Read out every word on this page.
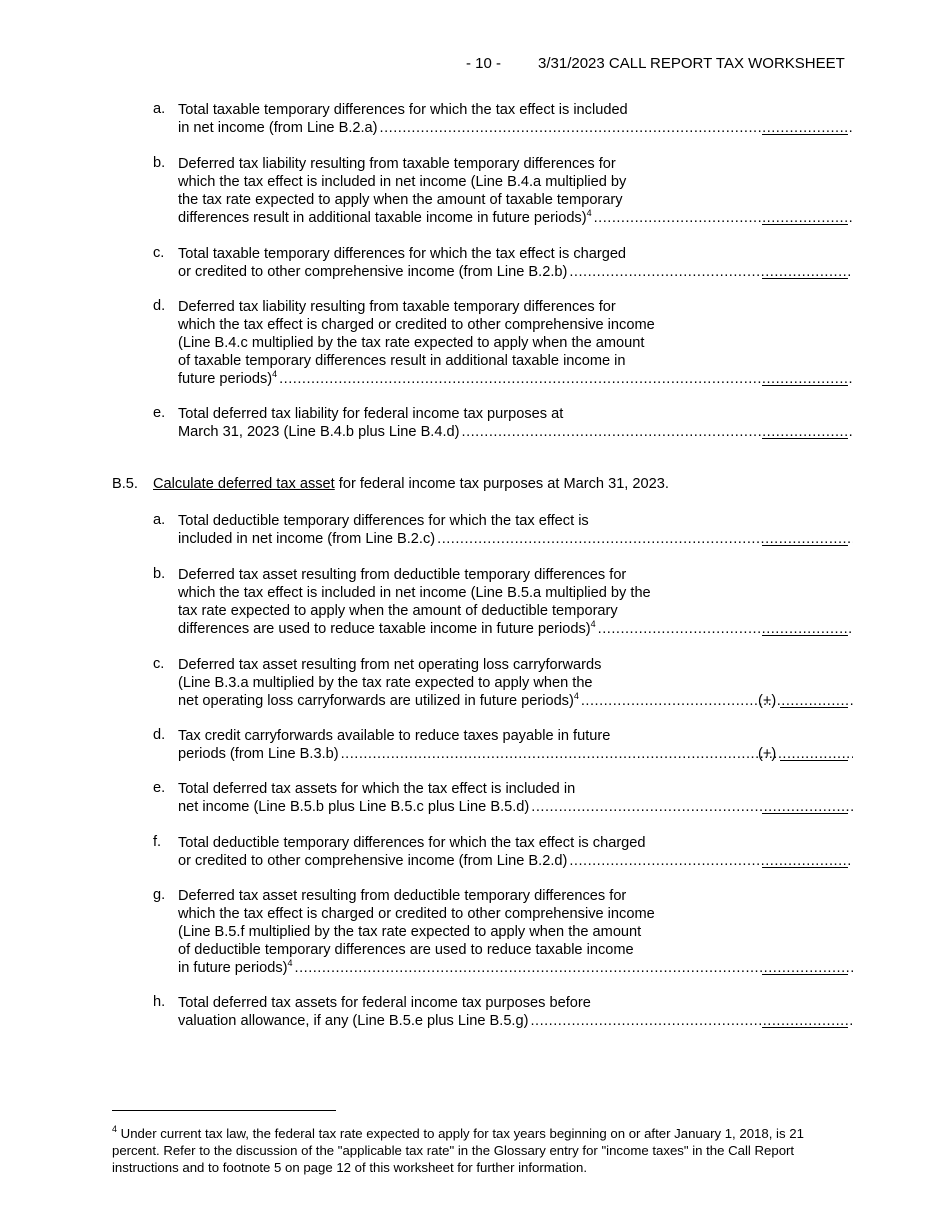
- 10 - 3/31/2023 CALL REPORT TAX WORKSHEET
a. Total taxable temporary differences for which the tax effect is included
in net income (from Line B.2.a).....
b. Deferred tax liability resulting from taxable temporary differences for
which the tax effect is included in net income (Line B.4.a multiplied by
the tax rate expected to apply when the amount of taxable temporary
differences result in additional taxable income in future periods)$^4$.....
c. Total taxable temporary differences for which the tax effect is charged
or credited to other comprehensive income (from Line B.2.b).....
d. Deferred tax liability resulting from taxable temporary differences for
which the tax effect is charged or credited to other comprehensive income
(Line B.4.c multiplied by the tax rate expected to apply when the amount
of taxable temporary differences result in additional taxable income in
future periods)$^4$.....
e. Total deferred tax liability for federal income tax purposes at
March 31, 2023 (Line B.4.b plus Line B.4.d).....
B.5. Calculate deferred tax asset for federal income tax purposes at March 31, 2023.
a. Total deductible temporary differences for which the tax effect is
included in net income (from Line B.2.c).....
b. Deferred tax asset resulting from deductible temporary differences for
which the tax effect is included in net income (Line B.5.a multiplied by the
tax rate expected to apply when the amount of deductible temporary
differences are used to reduce taxable income in future periods)$^4$.....
c. Deferred tax asset resulting from net operating loss carryforwards
(Line B.3.a multiplied by the tax rate expected to apply when the
net operating loss carryforwards are utilized in future periods)$^4$ .....	(+)
d. Tax credit carryforwards available to reduce taxes payable in future
periods (from Line B.3.b) .....	(+)
e. Total deferred tax assets for which the tax effect is included in
net income (Line B.5.b plus Line B.5.c plus Line B.5.d).....
f. Total deductible temporary differences for which the tax effect is charged
or credited to other comprehensive income (from Line B.2.d).....
g. Deferred tax asset resulting from deductible temporary differences for
which the tax effect is charged or credited to other comprehensive income
(Line B.5.f multiplied by the tax rate expected to apply when the amount
of deductible temporary differences are used to reduce taxable income
in future periods)$^4$.....
h. Total deferred tax assets for federal income tax purposes before
valuation allowance, if any (Line B.5.e plus Line B.5.g).....
$^4$ Under current tax law, the federal tax rate expected to apply for tax years beginning on or after January 1, 2018, is 21 percent. Refer to the discussion of the "applicable tax rate" in the Glossary entry for "income taxes" in the Call Report instructions and to footnote 5 on page 12 of this worksheet for further information.
